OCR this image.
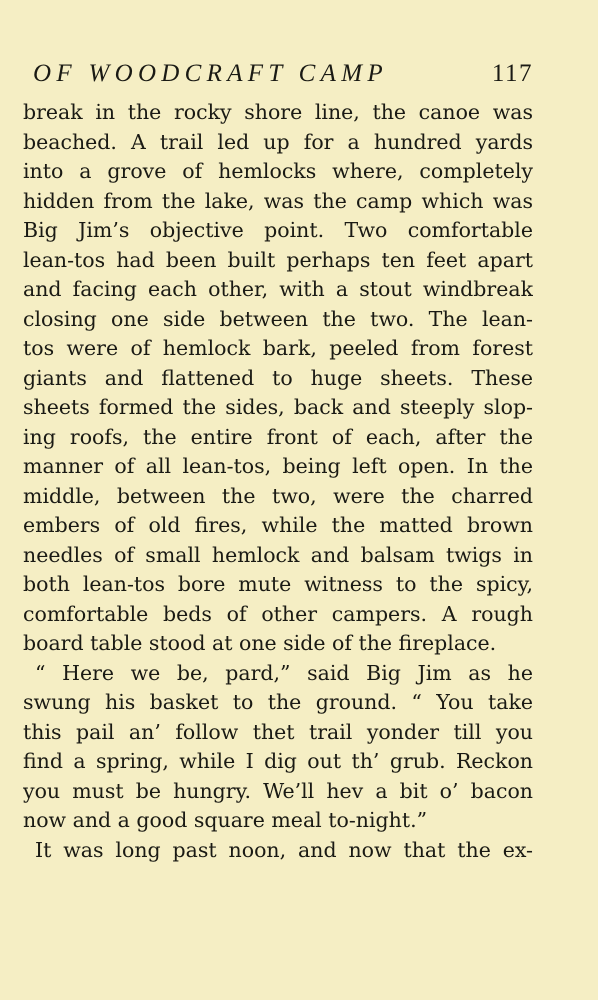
OF WOODCRAFT CAMP	117
break in the rocky shore line, the canoe was
beached. A trail led up for a hundred yards
into a grove of hemlocks where, completely
hidden from the lake, was the camp which was
Big Jim’s objective point. Two comfortable
lean-tos had been built perhaps ten feet apart
and facing each other, with a stout windbreak
closing one side between the two. The lean-
tos were of hemlock bark, peeled from forest
giants and flattened to huge sheets. These
sheets formed the sides, back and steeply slop-
ing roofs, the entire front of each, after the
manner of all lean-tos, being left open. In the
middle, between the two, were the charred
embers of old fires, while the matted brown
needles of small hemlock and balsam twigs in
both lean-tos bore mute witness to the spicy,
comfortable beds of other campers. A rough
board table stood at one side of the fireplace.
“ Here we be, pard,” said Big Jim as he
swung his basket to the ground. “ You take
this pail an’ follow thet trail yonder till you
find a spring, while I dig out th’ grub. Reckon
you must be hungry. We’ll hev a bit o’ bacon
now and a good square meal to-night.”
It was long past noon, and now that the ex-
